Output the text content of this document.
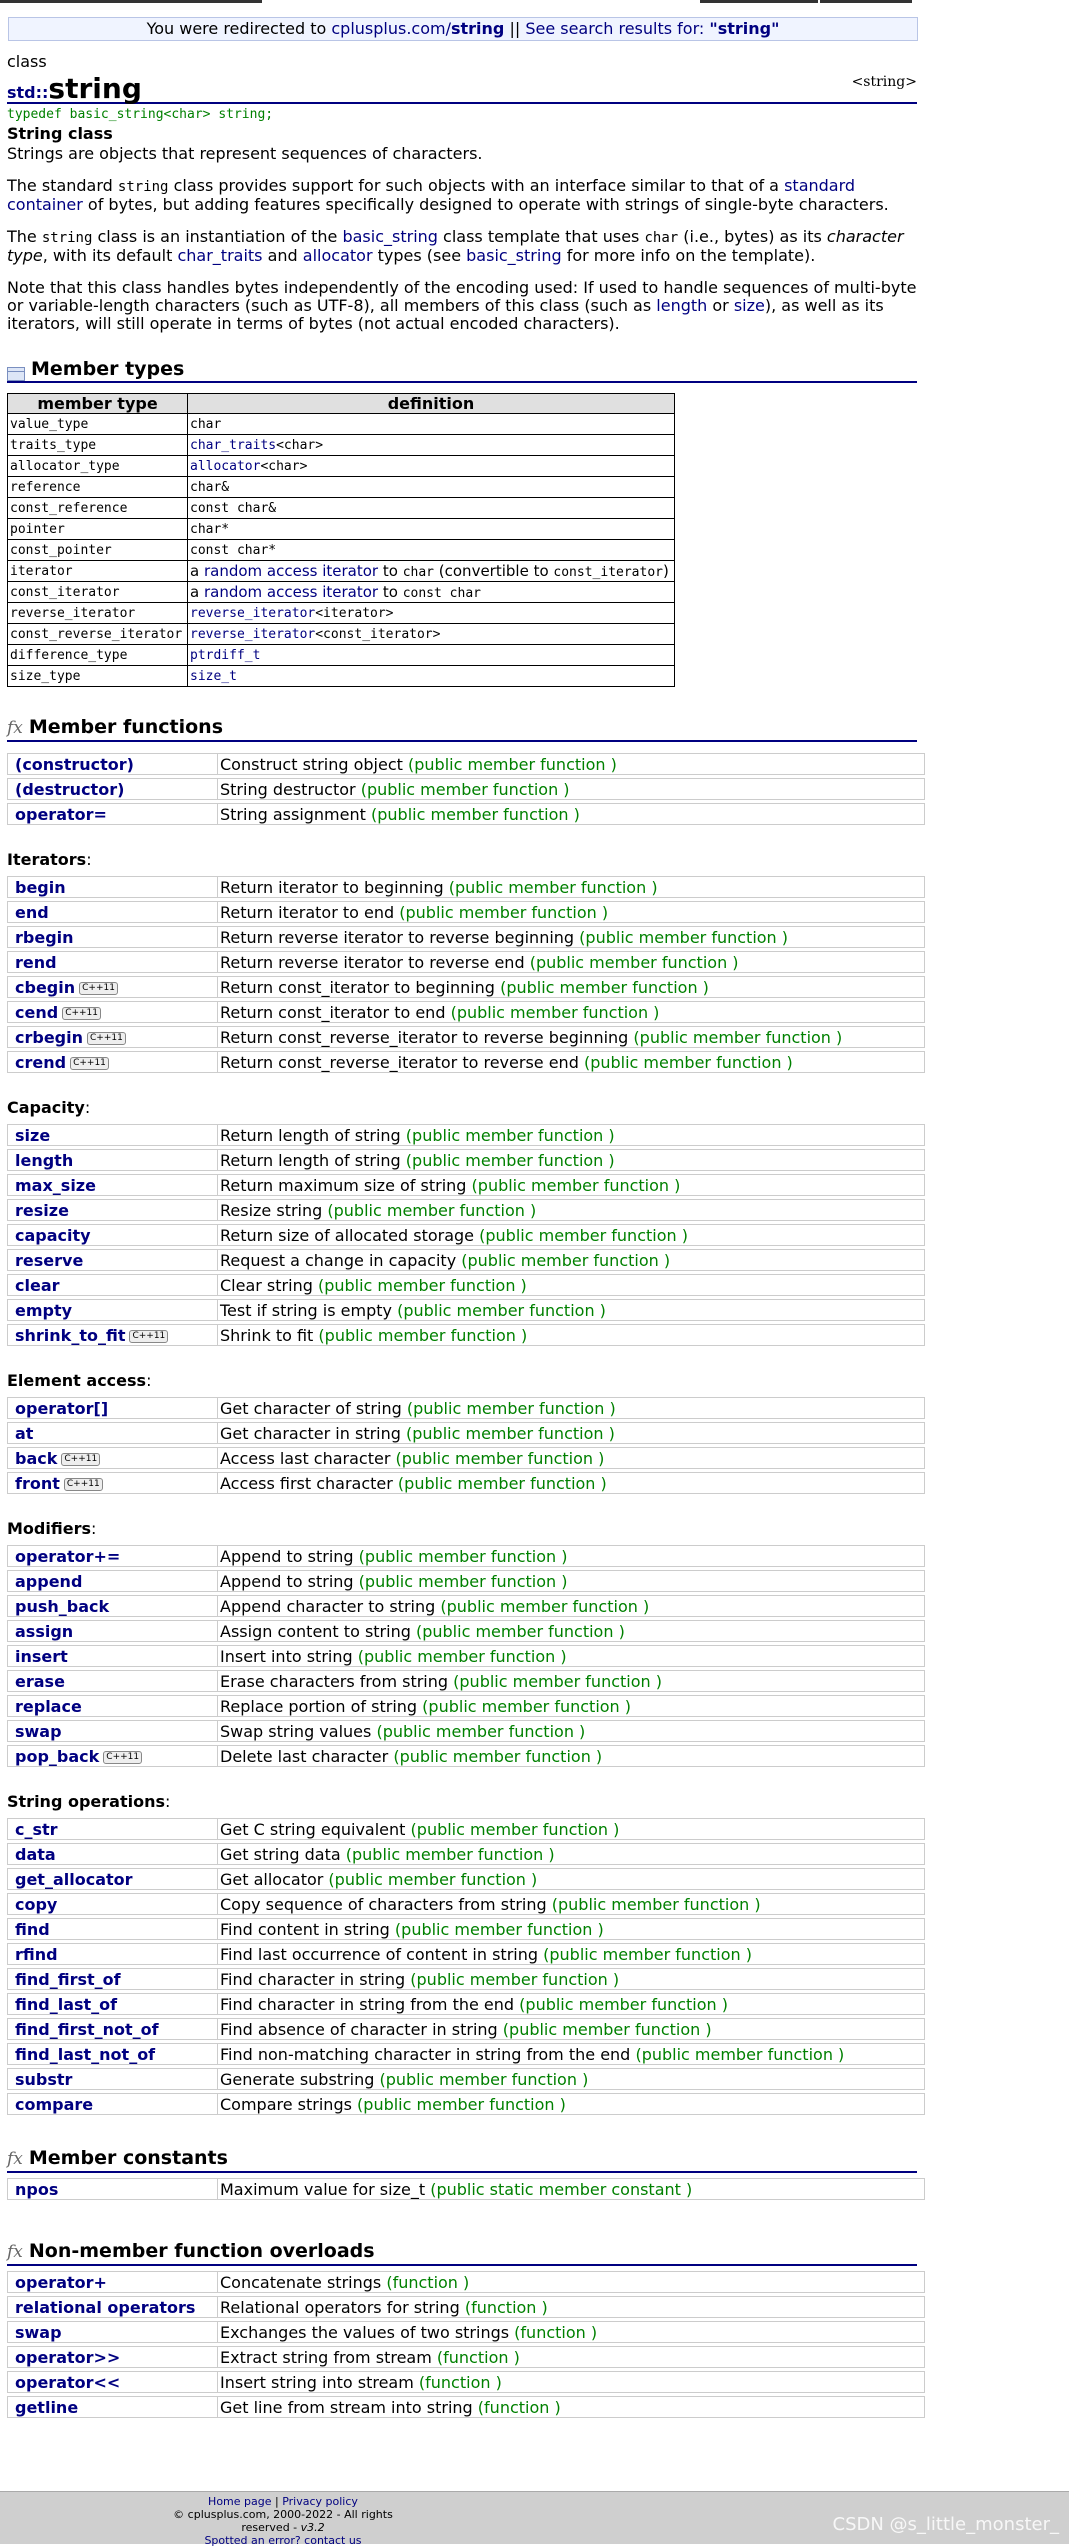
You were redirected to cplusplus.com/string || See search results for: "string"
class
std::string	<string>
typedef basic_string<char> string;
String class

Strings are objects that represent sequences of characters.

The standard string class provides support for such objects with an interface similar to that of a standard container of bytes, but adding features specifically designed to operate with strings of single-byte characters.

The string class is an instantiation of the basic_string class template that uses char (i.e., bytes) as its character type, with its default char_traits and allocator types (see basic_string for more info on the template).

Note that this class handles bytes independently of the encoding used: If used to handle sequences of multi-byte or variable-length characters (such as UTF-8), all members of this class (such as length or size), as well as its iterators, will still operate in terms of bytes (not actual encoded characters).

Member types
member type	definition
value_type	char
traits_type	char_traits<char>
allocator_type	allocator<char>
reference	char&
const_reference	const char&
pointer	char*
const_pointer	const char*
iterator	a random access iterator to char (convertible to const_iterator)
const_iterator	a random access iterator to const char
reverse_iterator	reverse_iterator<iterator>
const_reverse_iterator	reverse_iterator<const_iterator>
difference_type	ptrdiff_t
size_type	size_t
fx Member functions
(constructor)	Construct string object (public member function )
(destructor)	String destructor (public member function )
operator=	String assignment (public member function )
Iterators:
begin	Return iterator to beginning (public member function )
end	Return iterator to end (public member function )
rbegin	Return reverse iterator to reverse beginning (public member function )
rend	Return reverse iterator to reverse end (public member function )
cbegin C++11	Return const_iterator to beginning (public member function )
cend C++11	Return const_iterator to end (public member function )
crbegin C++11	Return const_reverse_iterator to reverse beginning (public member function )
crend C++11	Return const_reverse_iterator to reverse end (public member function )
Capacity:
size	Return length of string (public member function )
length	Return length of string (public member function )
max_size	Return maximum size of string (public member function )
resize	Resize string (public member function )
capacity	Return size of allocated storage (public member function )
reserve	Request a change in capacity (public member function )
clear	Clear string (public member function )
empty	Test if string is empty (public member function )
shrink_to_fit C++11	Shrink to fit (public member function )
Element access:
operator[]	Get character of string (public member function )
at	Get character in string (public member function )
back C++11	Access last character (public member function )
front C++11	Access first character (public member function )
Modifiers:
operator+=	Append to string (public member function )
append	Append to string (public member function )
push_back	Append character to string (public member function )
assign	Assign content to string (public member function )
insert	Insert into string (public member function )
erase	Erase characters from string (public member function )
replace	Replace portion of string (public member function )
swap	Swap string values (public member function )
pop_back C++11	Delete last character (public member function )
String operations:
c_str	Get C string equivalent (public member function )
data	Get string data (public member function )
get_allocator	Get allocator (public member function )
copy	Copy sequence of characters from string (public member function )
find	Find content in string (public member function )
rfind	Find last occurrence of content in string (public member function )
find_first_of	Find character in string (public member function )
find_last_of	Find character in string from the end (public member function )
find_first_not_of	Find absence of character in string (public member function )
find_last_not_of	Find non-matching character in string from the end (public member function )
substr	Generate substring (public member function )
compare	Compare strings (public member function )
fx Member constants
npos	Maximum value for size_t (public static member constant )
fx Non-member function overloads
operator+	Concatenate strings (function )
relational operators	Relational operators for string (function )
swap	Exchanges the values of two strings (function )
operator>>	Extract string from stream (function )
operator<<	Insert string into stream (function )
getline	Get line from stream into string (function )
Home page | Privacy policy
© cplusplus.com, 2000-2022 - All rights reserved - v3.2
Spotted an error? contact us
CSDN @s_little_monster_
